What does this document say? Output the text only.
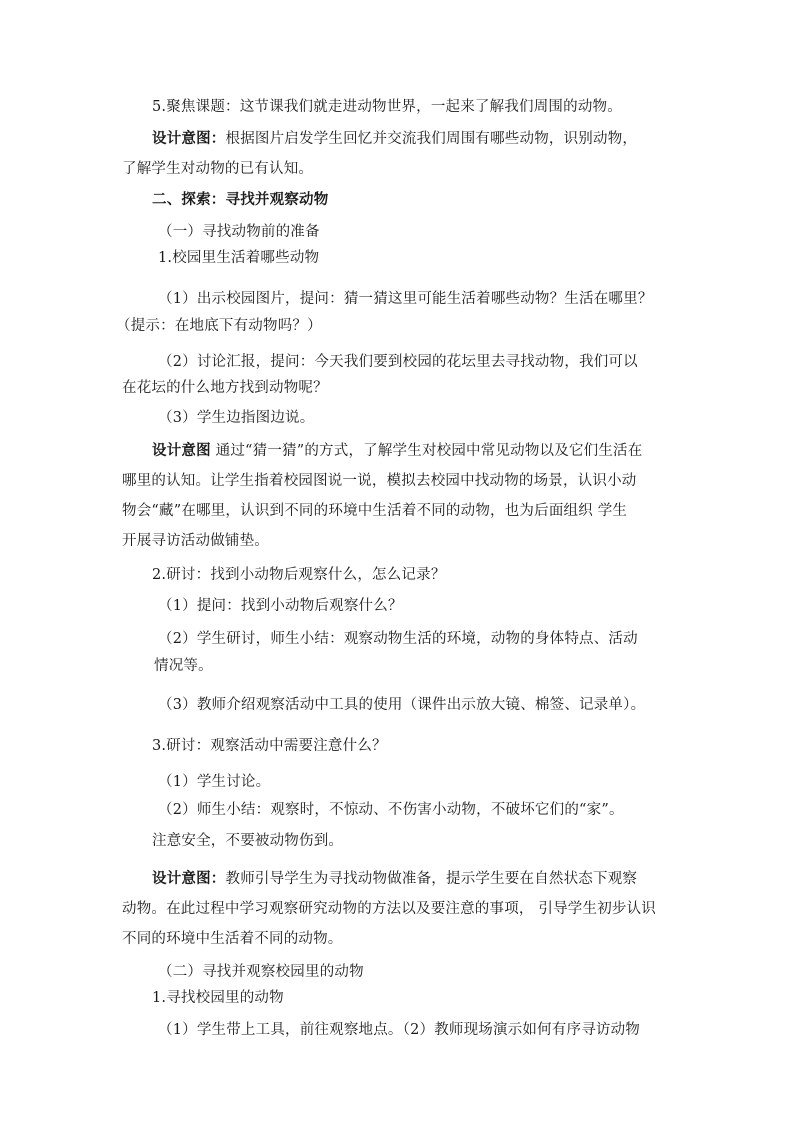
5.聚焦课题：这节课我们就走进动物世界，一起来了解我们周围的动物。
设计意图：根据图片启发学生回忆并交流我们周围有哪些动物，识别动物，
了解学生对动物的已有认知。
二、探索：寻找并观察动物
（一）寻找动物前的准备
1.校园里生活着哪些动物
（1）出示校园图片，提问：猜一猜这里可能生活着哪些动物？生活在哪里？
（提示：在地底下有动物吗？）
（2）讨论汇报，提问：今天我们要到校园的花坛里去寻找动物，我们可以
在花坛的什么地方找到动物呢？
（3）学生边指图边说。
设计意图 通过“猜一猜”的方式，了解学生对校园中常见动物以及它们生活在
哪里的认知。让学生指着校园图说一说，模拟去校园中找动物的场景，认识小动
物会“藏”在哪里，认识到不同的环境中生活着不同的动物，也为后面组织 学生
开展寻访活动做铺垫。
2.研讨：找到小动物后观察什么，怎么记录？
（1）提问：找到小动物后观察什么？
（2）学生研讨，师生小结：观察动物生活的环境，动物的身体特点、活动
情况等。
（3）教师介绍观察活动中工具的使用（课件出示放大镜、棉签、记录单）。
3.研讨：观察活动中需要注意什么？
（1）学生讨论。
（2）师生小结：观察时，不惊动、不伤害小动物，不破坏它们的“家”。
注意安全，不要被动物伤到。
设计意图：教师引导学生为寻找动物做准备，提示学生要在自然状态下观察
动物。在此过程中学习观察研究动物的方法以及要注意的事项， 引导学生初步认识
不同的环境中生活着不同的动物。
（二）寻找并观察校园里的动物
1.寻找校园里的动物
（1）学生带上工具，前往观察地点。（2）教师现场演示如何有序寻访动物
